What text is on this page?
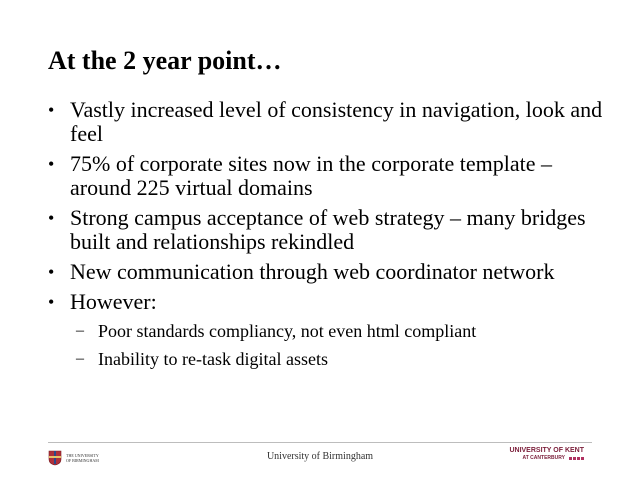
At the 2 year point…
• Vastly increased level of consistency in navigation, look and feel
• 75% of corporate sites now in the corporate template – around 225 virtual domains
• Strong campus acceptance of web strategy – many bridges built and relationships rekindled
• New communication through web coordinator network
• However:
– Poor standards compliancy, not even html compliant
– Inability to re-task digital assets
THE UNIVERSITY
OF BIRMINGHAM	University of Birmingham
UNIVERSITY OF KENT
AT CANTERBURY
